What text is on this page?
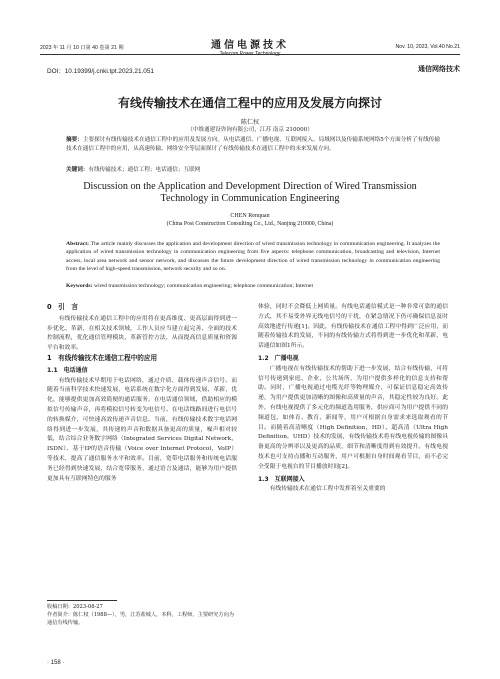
2023 年 11 月 10 日第 40 卷第 21 期	通信电源技术
Telecom Power Technology
Nov. 10, 2023, Vol.40 No.21
DOI：10.19399/j.cnki.tpt.2023.21.051	通信网络技术
有线传输技术在通信工程中的应用及发展方向探讨
陈仁权
（中维通建设咨询有限公司，江苏 南京 210000）
摘要：主要探讨有线传输技术在通信工程中的应用及发展方向。从电话通信、广播电视、互联网接入、局域网以及传输系统网络5个方面分析了有线传输技术在通信工程中的应用，从高速传输、网络安全等层面探讨了有线传输技术在通信工程中的未来发展方向。
关键词：有线传输技术；通信工程；电话通信；互联网
Discussion on the Application and Development Direction of Wired Transmission Technology in Communication Engineering
CHEN Renquan
(China Post Construction Consulting Co., Ltd., Nanjing 210000, China)
Abstract: The article mainly discusses the application and development direction of wired transmission technology in communication engineering. It analyzes the application of wired transmission technology in communication engineering from five aspects: telephone communication, broadcasting and television, Internet access, local area network and sensor network, and discusses the future development direction of wired transmission technology in communication engineering from the level of high-speed transmission, network security and so on.
Keywords: wired transmission technology; communication engineering; telephone communication; Internet
0　引　言

有线传输技术在通信工程中的应用将在更高维度、更高层面得到进一步优化、革新，在相关技术领域，工作人员应当建立起完善、全面的技术控制流程，优化通信管理模块，革新管控方法，从而提高信息质量和资源平台和效率。

1　有线传输技术在通信工程中的应用
1.1　电话通信

有线传输技术早期用于电话网络，通过介质、载体传递声音信号。而随着当前科学技术快速发展，电话系统在数字化方面得到发展、革新，优化，能够提供更加高效简便的通话服务。在电话通信领域，借助相应的模拟信号传输声音，再将模拟信号转变为电信号。在电话线路间进行电信号的转换媒介，可快速高效传递声音信息。当前，有线传输技术数字电话网络得到进一步发展，其传递的声音和数据具备更高的质量，噪声相对较低，结合综合业务数字网络（Integrated Services Digital Network，ISDN）、基于IP的语音传输（Voice over Internet Protocol，VoIP）等技术，提高了通信服务水平和效率。目前，宽带电话服务和传统电话服务已经得到快速发展，结合宽带服务，通过语言及通话，能够为用户提供更加具有互联网特色的服务

体验，同时不会降低上网质量。有线电话通信模式是一种非常可靠的通信方式，其不易受外界无线电信号的干扰，在紧急情况下仍可确保信息及时高效地进行传递[1]。因此，有线传输技术在通信工程中得到广泛应用，而随着传输技术的发展，不同的有线传输方式将得到进一步优化和革新，电话通信如图1所示。

1.2　广播电视

广播电视在有线传输技术的帮助下进一步发展，结合有线传输，可将信号传递到家庭、企业、公共场所，为用户提供多样化的信息支持和帮助。同时，广播电视通过电缆光纤等物理媒介，可保证信息稳定高效传递，为用户提供更加清晰的图像和高质量的声音，其稳定性较为良好。此外，有线电视提供了多元化的频道选用服务，供应商可为用户提供不同的频道包，如体育、教育、新闻等，用户可根据自身需求来选取观看的节目。而随着高清晰度（High Definition，HD）、超高清（Ultra High Definition，UHD）技术的发展，有线传输技术将有线电视传输的图像具备更高的分辨率以及更高的品质，细节和清晰度得到有效提升。有线电视技术也可支持点播和互动服务，用户可根据自身时间观看节目，而不必完全受限于电视台的节目播放时间[2]。

1.3　互联网接入

有线传输技术在通信工程中发挥着至关重要的

收稿日期：2023-08-27
作者简介：陈仁权（1988—），男，江苏盐城人，本科，工程师，主要研究方向为通信有线传输。
· 158 ·
